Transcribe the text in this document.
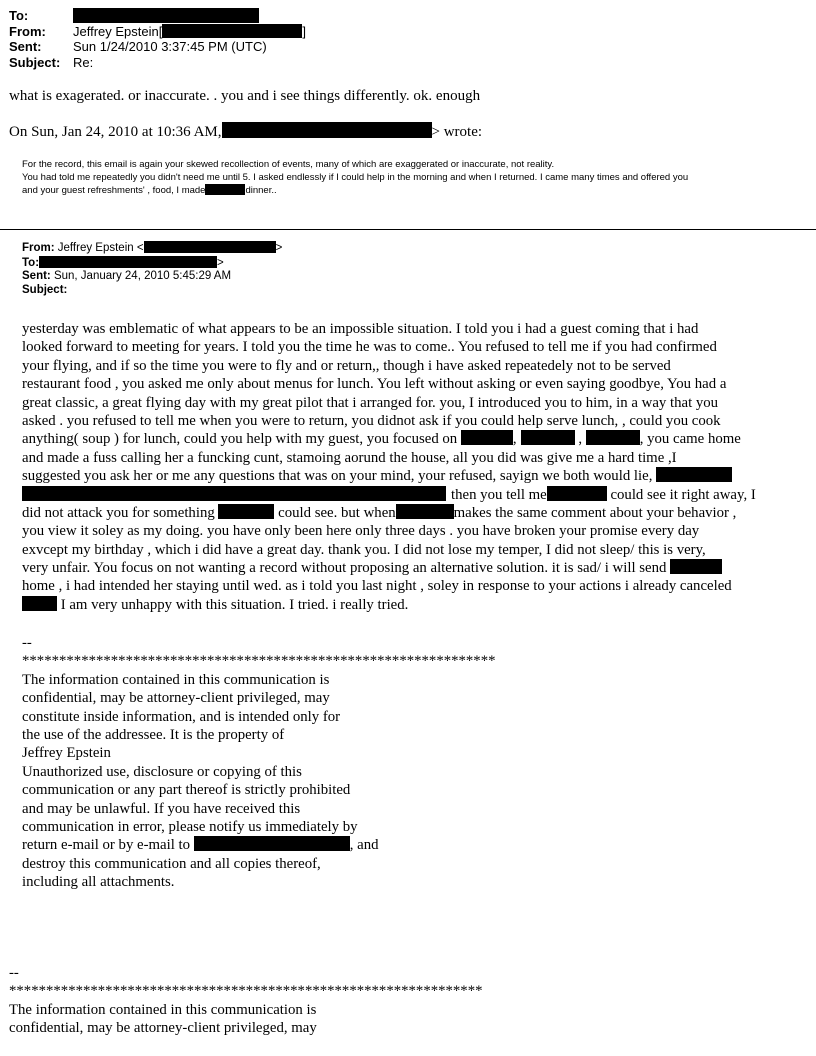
To:
From:	Jeffrey Epstein[	]
Sent:	Sun 1/24/2010 3:37:45 PM (UTC)
Subject: Re:
what is exagerated. or inaccurate. . you and i see things differently. ok. enough
On Sun, Jan 24, 2010 at 10:36 AM,	> wrote:

For the record, this email is again your skewed recollection of events, many of which are exaggerated or inaccurate, not reality.

You had told me repeatedly you didn't need me until 5. I asked endlessly if I could help in the morning and when I returned. I came many times and offered you

and your guest refreshments' , food, I made	dinner..

From: Jeffrey Epstein <	>
To:	>
Sent: Sun, January 24, 2010 5:45:29 AM
Subject:
yesterday was emblematic of what appears to be an impossible situation. I told you i had a guest coming that i had
looked forward to meeting for years. I told you the time he was to come.. You refused to tell me if you had confirmed
your flying, and if so the time you were to fly and or return,, though i have asked repeatedely not to be served
restaurant food , you asked me only about menus for lunch. You left without asking or even saying goodbye, You had a
great classic, a great flying day with my great pilot that i arranged for. you, I introduced you to him, in a way that you
asked . you refused to tell me when you were to return, you didnot ask if you could help serve lunch, , could you cook
anything( soup ) for lunch, could you help with my guest, you focused on	,	,	, you came home
and made a fuss calling her a funcking cunt, stamoing aorund the house, all you did was give me a hard time ,I
suggested you ask her or me any questions that was on your mind, your refused, sayign we both would lie,
then you tell me	could see it right away, I
did not attack you for something	could see. but when	makes the same comment about your behavior ,
you view it soley as my doing. you have only been here only three days . you have broken your promise every day
exvcept my birthday , which i did have a great day. thank you. I did not lose my temper, I did not sleep/ this is very,
very unfair. You focus on not wanting a record without proposing an alternative solution. it is sad/ i will send
home , i had intended her staying until wed. as i told you last night , soley in response to your actions i already canceled
I am very unhappy with this situation. I tried. i really tried.
--
****************************************************************
The information contained in this communication is
confidential, may be attorney-client privileged, may
constitute inside information, and is intended only for
the use of the addressee. It is the property of
Jeffrey Epstein
Unauthorized use, disclosure or copying of this
communication or any part thereof is strictly prohibited
and may be unlawful. If you have received this
communication in error, please notify us immediately by
return e-mail or by e-mail to	, and
destroy this communication and all copies thereof,
including all attachments.
--
****************************************************************
The information contained in this communication is
confidential, may be attorney-client privileged, may
